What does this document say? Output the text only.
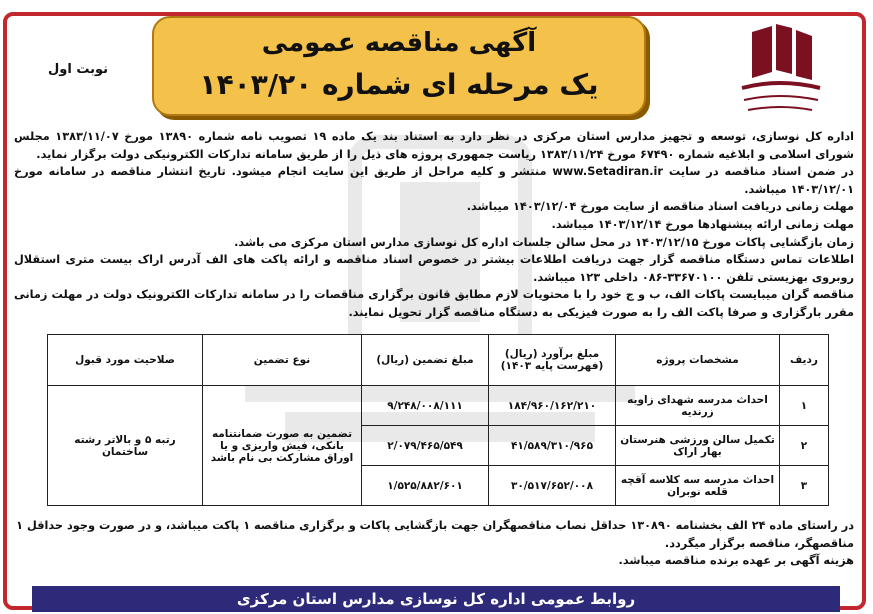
آگهی مناقصه عمومی
یک مرحله ای شماره ۱۴۰۳/۲۰
نوبت اول

اداره کل نوسازی، توسعه و تجهیز مدارس استان مرکزی در نظر دارد به استناد بند یک ماده ۱۹ تصویب نامه شماره ۱۳۸۹۰ مورخ ۱۳۸۳/۱۱/۰۷ مجلس شورای اسلامی و ابلاغیه شماره ۶۷۴۹۰ مورخ ۱۳۸۳/۱۱/۲۴ ریاست جمهوری پروژه های ذیل را از طریق سامانه تدارکات الکترونیکی دولت برگزار نماید.

در ضمن اسناد مناقصه در سایت www.Setadiran.ir منتشر و کلیه مراحل از طریق این سایت انجام میشود. تاریخ انتشار مناقصه در سامانه مورخ ۱۴۰۳/۱۲/۰۱ میباشد.

مهلت زمانی دریافت اسناد مناقصه از سایت مورخ ۱۴۰۳/۱۲/۰۴ میباشد.

مهلت زمانی ارائه پیشنهادها مورخ ۱۴۰۳/۱۲/۱۴ میباشد.

زمان بازگشایی پاکات مورخ ۱۴۰۳/۱۲/۱۵ در محل سالن جلسات اداره کل نوسازی مدارس استان مرکزی می باشد.

اطلاعات تماس دستگاه مناقصه گزار جهت دریافت اطلاعات بیشتر در خصوص اسناد مناقصه و ارائه پاکت های الف آدرس اراک بیست متری استقلال روبروی بهزیستی تلفن ۳۳۶۷۰۱۰۰-۰۸۶ داخلی ۱۲۳ میباشد.

مناقصه گران میبایست پاکات الف، ب و ج خود را با محتویات لازم مطابق قانون برگزاری مناقصات را در سامانه تدارکات الکترونیک دولت در مهلت زمانی مقرر بارگزاری و صرفا پاکت الف را به صورت فیزیکی به دستگاه مناقصه گزار تحویل نمایند.

ردیف	مشخصات پروژه	مبلغ برآورد (ریال) (فهرست پایه ۱۴۰۳)	مبلغ تضمین (ریال)	نوع تضمین	صلاحیت مورد قبول
۱	احداث مدرسه شهدای زاویه زرندیه	۱۸۴/۹۶۰/۱۶۲/۲۱۰	۹/۲۴۸/۰۰۸/۱۱۱	تضمین به صورت ضمانتنامه بانکی، فیش واریزی و یا اوراق مشارکت بی نام باشد	رتبه ۵ و بالاتر رشته ساختمان
۲	تکمیل سالن ورزشی هنرستان بهار اراک	۴۱/۵۸۹/۳۱۰/۹۶۵	۲/۰۷۹/۴۶۵/۵۴۹		
۳	احداث مدرسه سه کلاسه آقچه قلعه نوبران	۳۰/۵۱۷/۶۵۲/۰۰۸	۱/۵۲۵/۸۸۲/۶۰۱		

در راستای ماده ۲۴ الف بخشنامه ۱۳۰۸۹۰ حداقل نصاب مناقصهگران جهت بازگشایی پاکات و برگزاری مناقصه ۱ پاکت میباشد، و در صورت وجود حداقل ۱ مناقصهگر، مناقصه برگزار میگردد.

هزینه آگهی بر عهده برنده مناقصه میباشد.

روابط عمومی اداره کل نوسازی مدارس استان مرکزی
